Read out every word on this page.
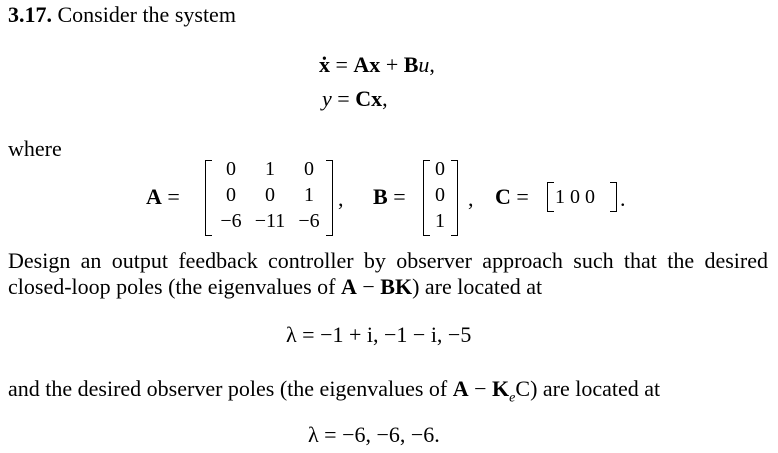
3.17. Consider the system
ẋ = Ax + Bu,
y = Cx,
where
A =
0	1	0
0	0	1
−6 −11 −6
, B =
0
0
1
, C = 1 0 0 .
Design an output feedback controller by observer approach such that the desired closed-loop poles (the eigenvalues of A − BK) are located at
λ = −1 + i, −1 − i, −5
and the desired observer poles (the eigenvalues of $A - K_eC$) are located at
λ = −6, −6, −6.
